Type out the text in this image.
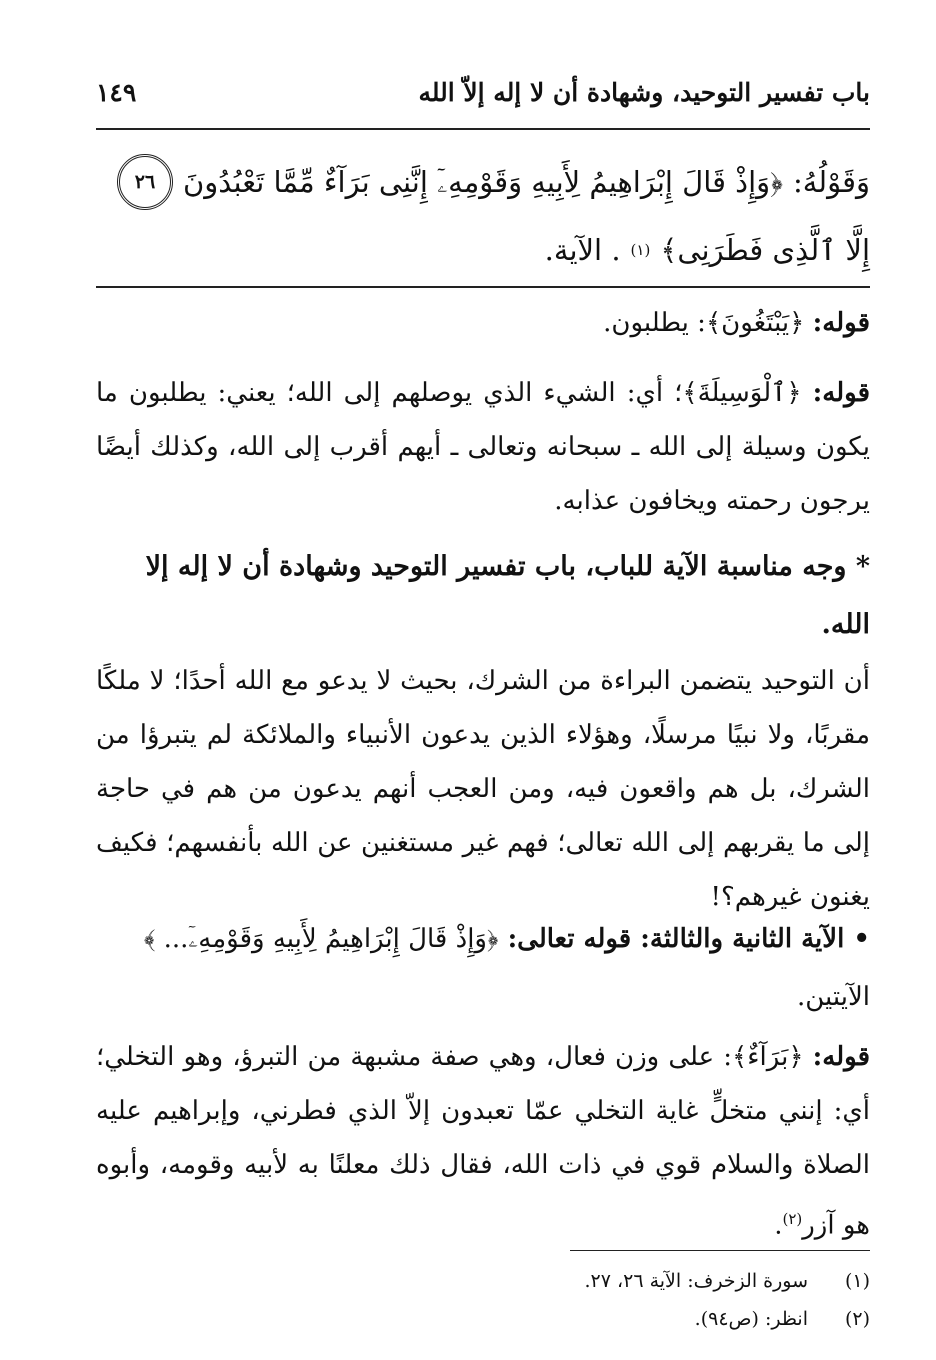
باب تفسير التوحيد، وشهادة أن لا إله إلاّ الله
١٤٩
وَقَوْلُهُ:
﴿وَإِذْ قَالَ إِبْرَاهِيمُ لِأَبِيهِ وَقَوْمِهِۦٓ إِنَّنِى بَرَآءٌ مِّمَّا تَعْبُدُونَ
٢٦
إِلَّا ٱلَّذِى فَطَرَنِى﴾
(١)
. الآية.
قوله: ﴿يَبْتَغُونَ﴾: يطلبون.
قوله: ﴿ٱلْوَسِيلَةَ﴾؛ أي: الشيء الذي يوصلهم إلى الله؛ يعني: يطلبون ما يكون وسيلة إلى الله ـ سبحانه وتعالى ـ أيهم أقرب إلى الله، وكذلك أيضًا يرجون رحمته ويخافون عذابه.
* وجه مناسبة الآية للباب، باب تفسير التوحيد وشهادة أن لا إله إلا الله.
أن التوحيد يتضمن البراءة من الشرك، بحيث لا يدعو مع الله أحدًا؛ لا ملكًا مقربًا، ولا نبيًا مرسلًا، وهؤلاء الذين يدعون الأنبياء والملائكة لم يتبرؤا من الشرك، بل هم واقعون فيه، ومن العجب أنهم يدعون من هم في حاجة إلى ما يقربهم إلى الله تعالى؛ فهم غير مستغنين عن الله بأنفسهم؛ فكيف يغنون غيرهم؟!
• الآية الثانية والثالثة: قوله تعالى: ﴿وَإِذْ قَالَ إِبْرَاهِيمُ لِأَبِيهِ وَقَوْمِهِۦٓ... ﴾ الآيتين.
قوله: ﴿بَرَآءٌ﴾: على وزن فعال، وهي صفة مشبهة من التبرؤ، وهو التخلي؛ أي: إنني متخلٍّ غاية التخلي عمّا تعبدون إلاّ الذي فطرني، وإبراهيم عليه الصلاة والسلام قوي في ذات الله، فقال ذلك معلنًا به لأبيه وقومه، وأبوه هو آزر$^{(٢)}$.
(١)
سورة الزخرف: الآية ٢٦، ٢٧.
(٢)
انظر: (ص٩٤).
